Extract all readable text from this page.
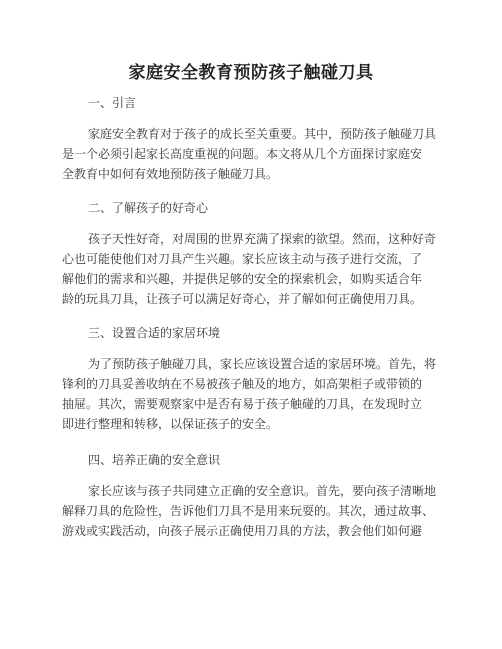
家庭安全教育预防孩子触碰刀具
一、引言
家庭安全教育对于孩子的成长至关重要。其中，预防孩子触碰刀具
是一个必须引起家长高度重视的问题。本文将从几个方面探讨家庭安
全教育中如何有效地预防孩子触碰刀具。
二、了解孩子的好奇心
孩子天性好奇，对周围的世界充满了探索的欲望。然而，这种好奇
心也可能使他们对刀具产生兴趣。家长应该主动与孩子进行交流，了
解他们的需求和兴趣，并提供足够的安全的探索机会，如购买适合年
龄的玩具刀具，让孩子可以满足好奇心，并了解如何正确使用刀具。
三、设置合适的家居环境
为了预防孩子触碰刀具，家长应该设置合适的家居环境。首先，将
锋利的刀具妥善收纳在不易被孩子触及的地方，如高架柜子或带锁的
抽屉。其次，需要观察家中是否有易于孩子触碰的刀具，在发现时立
即进行整理和转移，以保证孩子的安全。
四、培养正确的安全意识
家长应该与孩子共同建立正确的安全意识。首先，要向孩子清晰地
解释刀具的危险性，告诉他们刀具不是用来玩耍的。其次，通过故事、
游戏或实践活动，向孩子展示正确使用刀具的方法，教会他们如何避
